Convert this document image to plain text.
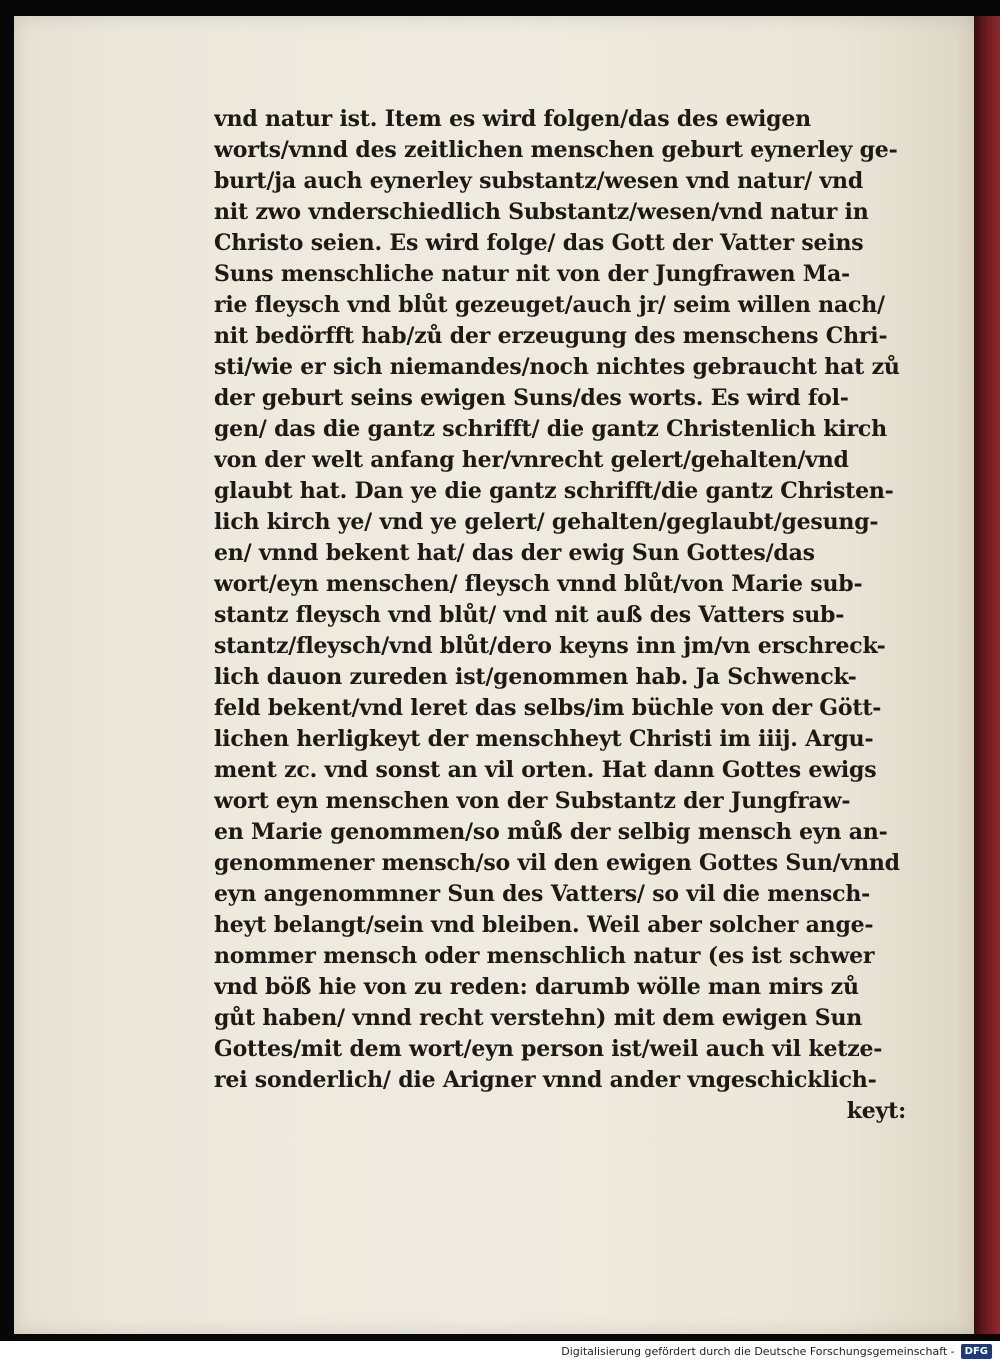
vnd natur ist. Item es wird folgen/das des ewigen
worts/vnnd des zeitlichen menschen geburt eynerley ge-
burt/ja auch eynerley substantz/wesen vnd natur/ vnd
nit zwo vnderschiedlich Substantz/wesen/vnd natur in
Christo seien. Es wird folge/ das Gott der Vatter seins
Suns menschliche natur nit von der Jungfrawen Ma-
rie fleysch vnd blůt gezeuget/auch jr/ seim willen nach/
nit bedörfft hab/zů der erzeugung des menschens Chri-
sti/wie er sich niemandes/noch nichtes gebraucht hat zů
der geburt seins ewigen Suns/des worts. Es wird fol-
gen/ das die gantz schrifft/ die gantz Christenlich kirch
von der welt anfang her/vnrecht gelert/gehalten/vnd
glaubt hat. Dan ye die gantz schrifft/die gantz Christen-
lich kirch ye/ vnd ye gelert/ gehalten/geglaubt/gesung-
en/ vnnd bekent hat/ das der ewig Sun Gottes/das
wort/eyn menschen/ fleysch vnnd blůt/von Marie sub-
stantz fleysch vnd blůt/ vnd nit auß des Vatters sub-
stantz/fleysch/vnd blůt/dero keyns inn jm/vn erschreck-
lich dauon zureden ist/genommen hab. Ja Schwenck-
feld bekent/vnd leret das selbs/im büchle von der Gött-
lichen herligkeyt der menschheyt Christi im iiij. Argu-
ment zc. vnd sonst an vil orten. Hat dann Gottes ewigs
wort eyn menschen von der Substantz der Jungfraw-
en Marie genommen/so můß der selbig mensch eyn an-
genommener mensch/so vil den ewigen Gottes Sun/vnnd
eyn angenommner Sun des Vatters/ so vil die mensch-
heyt belangt/sein vnd bleiben. Weil aber solcher ange-
nommer mensch oder menschlich natur (es ist schwer
vnd böß hie von zu reden: darumb wölle man mirs zů
gůt haben/ vnnd recht verstehn) mit dem ewigen Sun
Gottes/mit dem wort/eyn person ist/weil auch vil ketze-
rei sonderlich/ die Arigner vnnd ander vngeschicklich-
keyt:
Digitalisierung gefördert durch die Deutsche Forschungsgemeinschaft -	DFG
